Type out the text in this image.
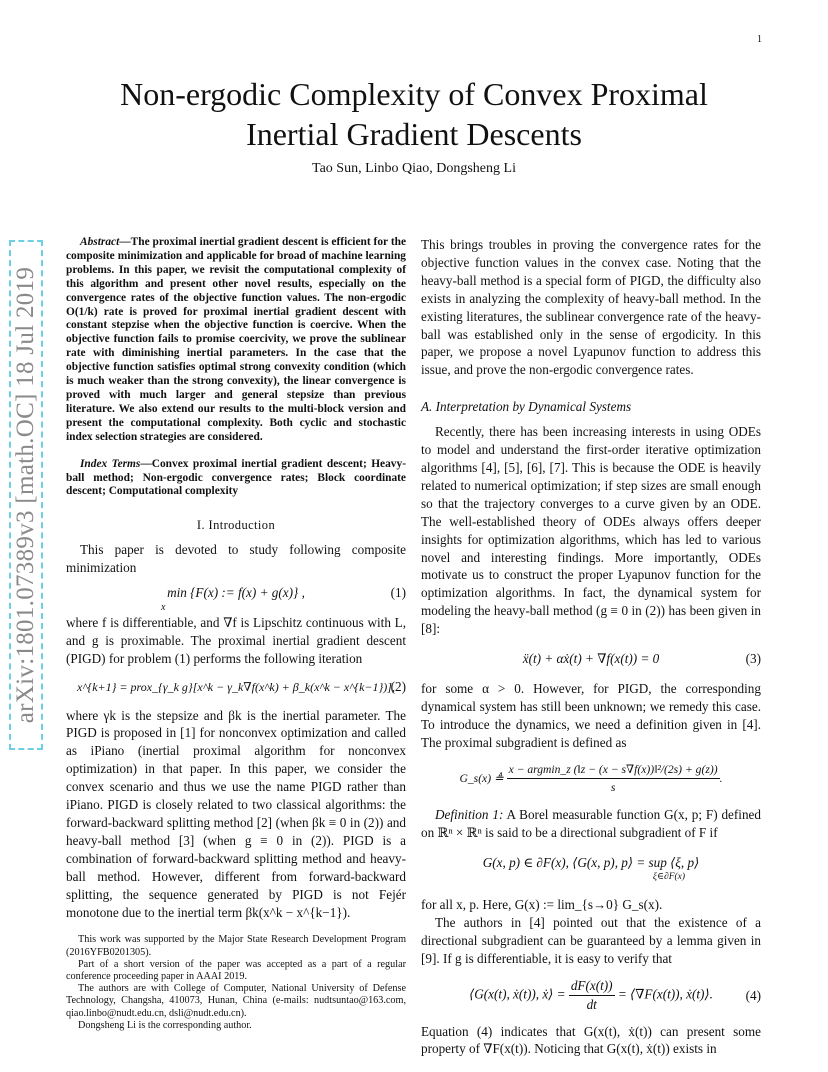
1
arXiv:1801.07389v3 [math.OC] 18 Jul 2019
Non-ergodic Complexity of Convex Proximal
Inertial Gradient Descents
Tao Sun, Linbo Qiao, Dongsheng Li

Abstract—The proximal inertial gradient descent is efficient for the composite minimization and applicable for broad of machine learning problems. In this paper, we revisit the computational complexity of this algorithm and present other novel results, especially on the convergence rates of the objective function values. The non-ergodic O(1/k) rate is proved for proximal inertial gradient descent with constant stepzise when the objective function is coercive. When the objective function fails to promise coercivity, we prove the sublinear rate with diminishing inertial parameters. In the case that the objective function satisfies optimal strong convexity condition (which is much weaker than the strong convexity), the linear convergence is proved with much larger and general stepsize than previous literature. We also extend our results to the multi-block version and present the computational complexity. Both cyclic and stochastic index selection strategies are considered.

Index Terms—Convex proximal inertial gradient descent; Heavy-ball method; Non-ergodic convergence rates; Block coordinate descent; Computational complexity

I. Introduction

This paper is devoted to study following composite minimization

min {F(x) := f(x) + g(x)} ,
x
(1)

where f is differentiable, and ∇f is Lipschitz continuous with L, and g is proximable. The proximal inertial gradient descent (PIGD) for problem (1) performs the following iteration

x^{k+1} = prox_{γ_k g}[x^k − γ_k∇f(x^k) + β_k(x^k − x^{k−1})],
(2)

where γk is the stepsize and βk is the inertial parameter. The PIGD is proposed in [1] for nonconvex optimization and called as iPiano (inertial proximal algorithm for nonconvex optimization) in that paper. In this paper, we consider the convex scenario and thus we use the name PIGD rather than iPiano. PIGD is closely related to two classical algorithms: the forward-backward splitting method [2] (when βk ≡ 0 in (2)) and heavy-ball method [3] (when g ≡ 0 in (2)). PIGD is a combination of forward-backward splitting method and heavy-ball method. However, different from forward-backward splitting, the sequence generated by PIGD is not Fejér monotone due to the inertial term βk(x^k − x^{k−1}).

This work was supported by the Major State Research Development Program (2016YFB0201305).

Part of a short version of the paper was accepted as a part of a regular conference proceeding paper in AAAI 2019.

The authors are with College of Computer, National University of Defense Technology, Changsha, 410073, Hunan, China (e-mails: nudtsuntao@163.com, qiao.linbo@nudt.edu.cn, dsli@nudt.edu.cn).

Dongsheng Li is the corresponding author.

This brings troubles in proving the convergence rates for the objective function values in the convex case. Noting that the heavy-ball method is a special form of PIGD, the difficulty also exists in analyzing the complexity of heavy-ball method. In the existing literatures, the sublinear convergence rate of the heavy-ball was established only in the sense of ergodicity. In this paper, we propose a novel Lyapunov function to address this issue, and prove the non-ergodic convergence rates.

A. Interpretation by Dynamical Systems

Recently, there has been increasing interests in using ODEs to model and understand the first-order iterative optimization algorithms [4], [5], [6], [7]. This is because the ODE is heavily related to numerical optimization; if step sizes are small enough so that the trajectory converges to a curve given by an ODE. The well-established theory of ODEs always offers deeper insights for optimization algorithms, which has led to various novel and interesting findings. More importantly, ODEs motivate us to construct the proper Lyapunov function for the optimization algorithms. In fact, the dynamical system for modeling the heavy-ball method (g ≡ 0 in (2)) has been given in [8]:

ẍ(t) + αẋ(t) + ∇f(x(t)) = 0	(3)

for some α > 0. However, for PIGD, the corresponding dynamical system has still been unknown; we remedy this case. To introduce the dynamics, we need a definition given in [4]. The proximal subgradient is defined as

G_s(x) ≜ $\frac{\text{x − argmin\_z (‖z − (x − s∇f(x))‖²/(2s) + g(z))}}{s}$ .

Definition 1: A Borel measurable function G(x, p; F) defined on ℝⁿ × ℝⁿ is said to be a directional subgradient of F if

G(x, p) ∈ ∂F(x), ⟨G(x, p), p⟩ = sup ⟨ξ, p⟩
ξ∈∂F(x)

for all x, p. Here, G(x) := lim_{s→0} G_s(x).

The authors in [4] pointed out that the existence of a directional subgradient can be guaranteed by a lemma given in [9]. If g is differentiable, it is easy to verify that

⟨G(x(t), ẋ(t)), ẋ⟩ = $\frac{dF(x(t))}{dt}$ = ⟨∇F(x(t)), ẋ(t)⟩. (4)

Equation (4) indicates that G(x(t), ẋ(t)) can present some property of ∇F(x(t)). Noticing that G(x(t), ẋ(t)) exists in
